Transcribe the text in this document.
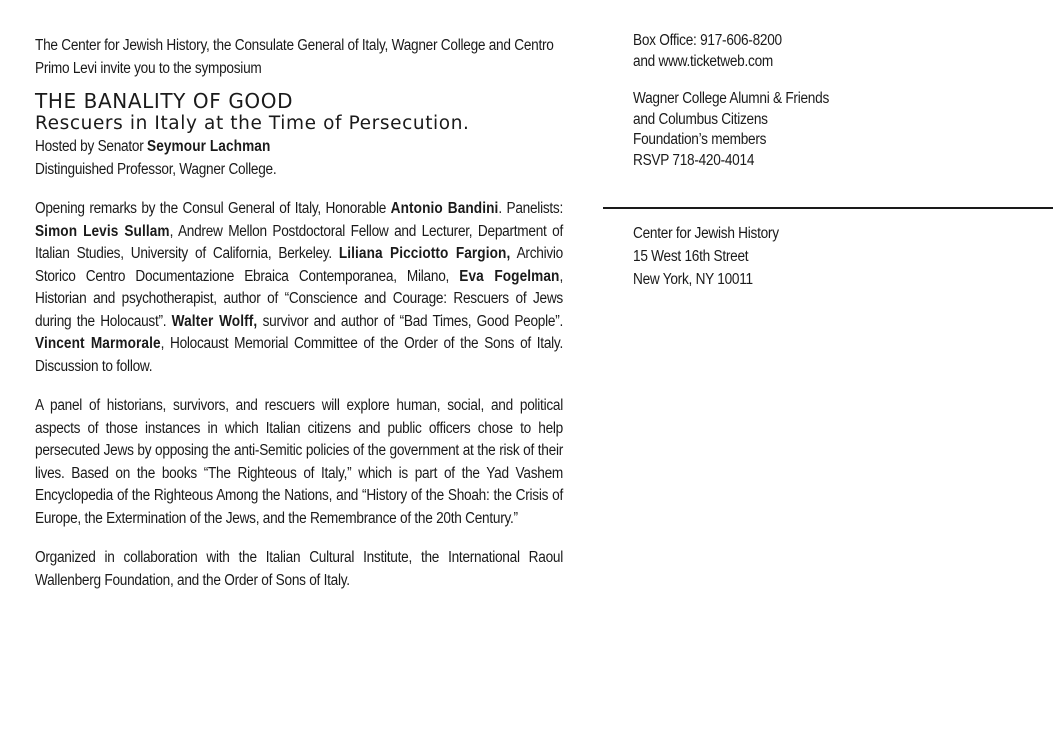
The Center for Jewish History, the Consulate General of Italy, Wagner College and Centro Primo Levi invite you to the symposium
THE BANALITY OF GOOD
Rescuers in Italy at the Time of Persecution.
Hosted by Senator Seymour Lachman
Distinguished Professor, Wagner College.
Opening remarks by the Consul General of Italy, Honorable Antonio Bandini. Panelists: Simon Levis Sullam, Andrew Mellon Postdoctoral Fellow and Lecturer, Department of Italian Studies, University of California, Berkeley. Liliana Picciotto Fargion, Archivio Storico Centro Documentazione Ebraica Contemporanea, Milano, Eva Fogelman, Historian and psychotherapist, author of “Conscience and Courage: Rescuers of Jews during the Holocaust”. Walter Wolff, survivor and author of “Bad Times, Good People”. Vincent Marmorale, Holocaust Memorial Committee of the Order of the Sons of Italy. Discussion to follow.
A panel of historians, survivors, and rescuers will explore human, social, and political aspects of those instances in which Italian citizens and public officers chose to help persecuted Jews by opposing the anti-Semitic policies of the government at the risk of their lives. Based on the books “The Righteous of Italy,” which is part of the Yad Vashem Encyclopedia of the Righteous Among the Nations, and “History of the Shoah: the Crisis of Europe, the Extermination of the Jews, and the Remembrance of the 20th Century.”
Organized in collaboration with the Italian Cultural Institute, the International Raoul Wallenberg Foundation, and the Order of Sons of Italy.
Box Office: 917-606-8200
and www.ticketweb.com
Wagner College Alumni & Friends
and Columbus Citizens
Foundation’s members
RSVP 718-420-4014
Center for Jewish History
15 West 16th Street
New York, NY 10011
